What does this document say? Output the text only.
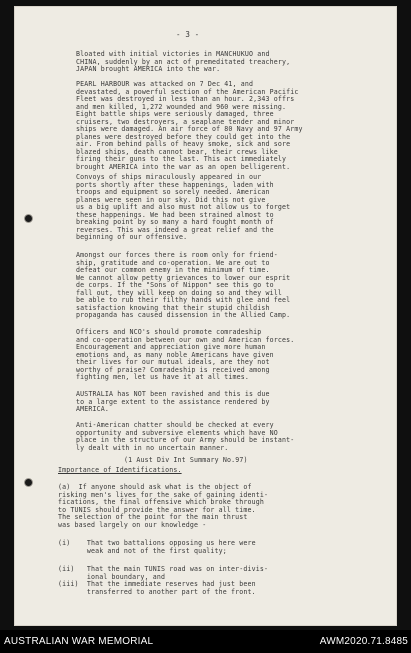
- 3 -
Bloated with initial victories in MANCHUKUO and
CHINA, suddenly by an act of premeditated treachery,
JAPAN brought AMERICA into the war.
PEARL HARBOUR was attacked on 7 Dec 41, and
devastated, a powerful section of the American Pacific
Fleet was destroyed in less than an hour. 2,343 offrs
and men killed, 1,272 wounded and 960 were missing.
Eight battle ships were seriously damaged, three
cruisers, two destroyers, a seaplane tender and minor
ships were damaged. An air force of 80 Navy and 97 Army
planes were destroyed before they could get into the
air. From behind palls of heavy smoke, sick and sore
blazed ships, death cannot bear, their crews like
firing their guns to the last. This act immediately
brought AMERICA into the war as an open belligerent.
Convoys of ships miraculously appeared in our
ports shortly after these happenings, laden with
troops and equipment so sorely needed. American
planes were seen in our sky. Did this not give
us a big uplift and also must not allow us to forget
these happenings. We had been strained almost to
breaking point by so many a hard fought month of
reverses. This was indeed a great relief and the
beginning of our offensive.
Amongst our forces there is room only for friend-
ship, gratitude and co-operation. We are out to
defeat our common enemy in the minimum of time.
We cannot allow petty grievances to lower our esprit
de corps. If the "Sons of Nippon" see this go to
fall out, they will keep on doing so and they will
be able to rub their filthy hands with glee and feel
satisfaction knowing that their stupid childish
propaganda has caused dissension in the Allied Camp.
Officers and NCO's should promote comradeship
and co-operation between our own and American forces.
Encouragement and appreciation give more human
emotions and, as many noble Americans have given
their lives for our mutual ideals, are they not
worthy of praise? Comradeship is received among
fighting men, let us have it at all times.
AUSTRALIA has NOT been ravished and this is due
to a large extent to the assistance rendered by
AMERICA.
Anti-American chatter should be checked at every
opportunity and subversive elements which have NO
place in the structure of our Army should be instant-
ly dealt with in no uncertain manner.
(1 Aust Div Int Summary No.97)
Importance of Identifications.
(a)  If anyone should ask what is the object of
risking men's lives for the sake of gaining identi-
fications, the final offensive which broke through
to TUNIS should provide the answer for all time.
The selection of the point for the main thrust
was based largely on our knowledge -
(i)    That two battalions opposing us here were
weak and not of the first quality;
(ii)   That the main TUNIS road was on inter-divis-
ional boundary, and
(iii)  That the immediate reserves had just been
transferred to another part of the front.
AUSTRALIAN WAR MEMORIAL	AWM2020.71.8485
